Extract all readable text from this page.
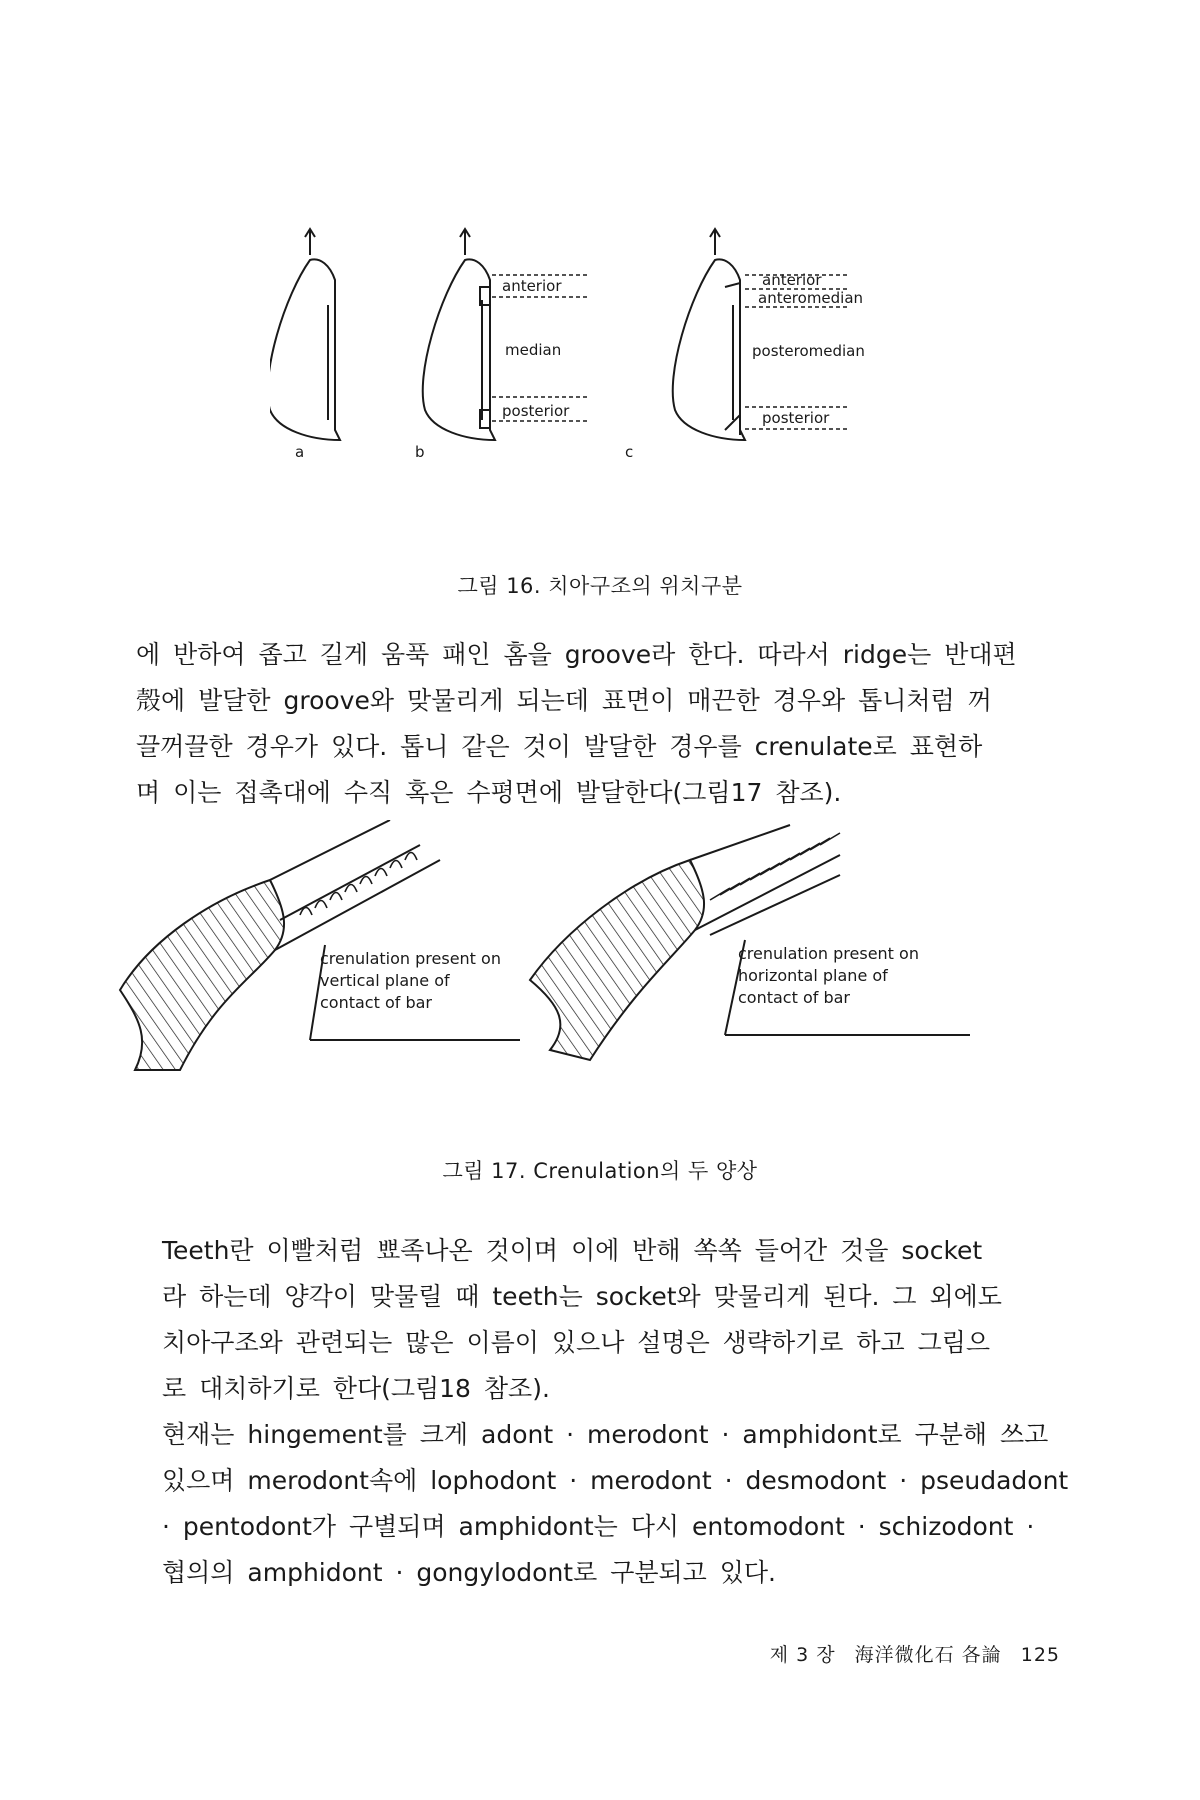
anterior
median
posterior
anterior
anteromedian
posteromedian
posterior
a	b	c
그림 16. 치아구조의 위치구분

에 반하여 좁고 길게 움푹 패인 홈을 groove라 한다. 따라서 ridge는 반대편
殼에 발달한 groove와 맞물리게 되는데 표면이 매끈한 경우와 톱니처럼 꺼
끌꺼끌한 경우가 있다. 톱니 같은 것이 발달한 경우를 crenulate로 표현하
며 이는 접촉대에 수직 혹은 수평면에 발달한다(그림17 참조).

crenulation present on
vertical plane of
contact of bar
crenulation present on
horizontal plane of
contact of bar
그림 17. Crenulation의 두 양상

Teeth란 이빨처럼 뾰족나온 것이며 이에 반해 쏙쏙 들어간 것을 socket
라 하는데 양각이 맞물릴 때 teeth는 socket와 맞물리게 된다. 그 외에도
치아구조와 관련되는 많은 이름이 있으나 설명은 생략하기로 하고 그림으
로 대치하기로 한다(그림18 참조).

현재는 hingement를 크게 adont · merodont · amphidont로 구분해 쓰고
있으며 merodont속에 lophodont · merodont · desmodont · pseudadont
· pentodont가 구별되며 amphidont는 다시 entomodont · schizodont ·
협의의 amphidont · gongylodont로 구분되고 있다.

제 3 장 海洋微化石 各論 125
